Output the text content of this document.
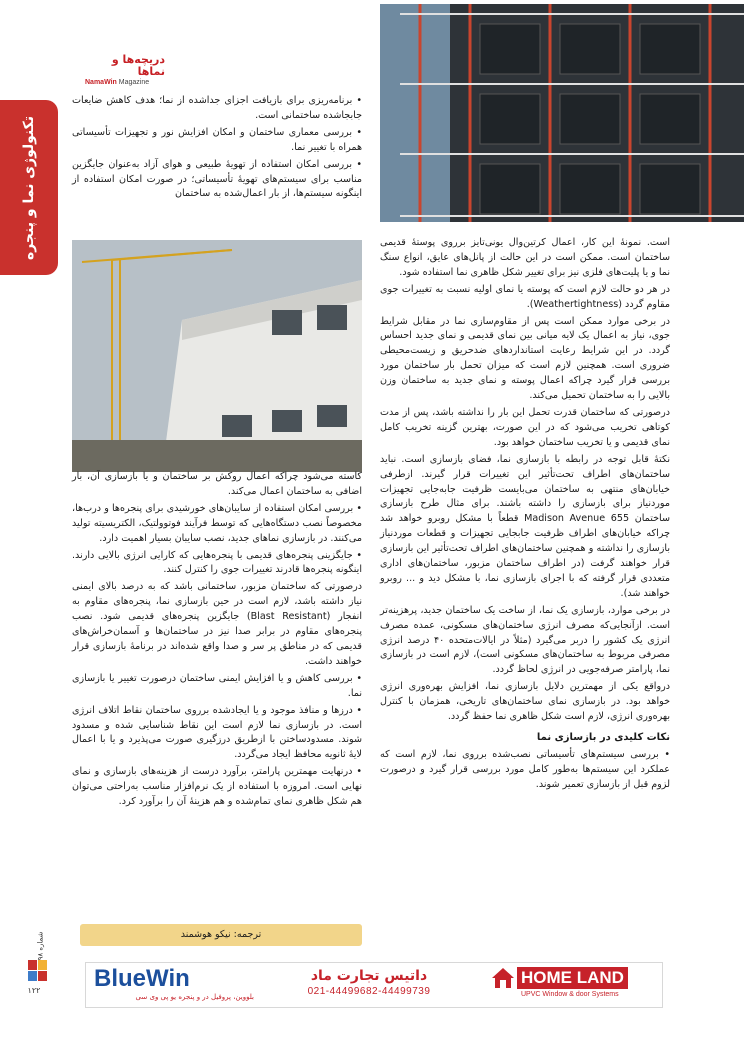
دریچه‌ها و نماها
NamaWin Magazine
تکنولوژی نما و پنجره

• برنامه‌ریزی برای بازیافت اجزای جداشده از نما؛ هدف کاهش ضایعات جابجاشده ساختمانی است.

• بررسی معماری ساختمان و امکان افزایش نور و تجهیزات تأسیساتی همراه با تغییر نما.

• بررسی امکان استفاده از تهویهٔ طبیعی و هوای آزاد به‌عنوان جایگزین مناسب برای سیستم‌های تهویهٔ تأسیساتی؛ در صورت امکان استفاده از اینگونه سیستم‌ها، از بار اعمال‌شده به ساختمان

کاسته می‌شود چراکه اعمال روکش بر ساختمان و یا بازسازی آن، بار اضافی به ساختمان اعمال می‌کند.

• بررسی امکان استفاده از سایبان‌های خورشیدی برای پنجره‌ها و درب‌ها، مخصوصاً نصب دستگاه‌هایی که توسط فرآیند فوتوولتیک، الکتریسیته تولید می‌کنند. در بازسازی نماهای جدید، نصب سایبان بسیار اهمیت دارد.

• جایگزینی پنجره‌های قدیمی با پنجره‌هایی که کارایی انرژی بالایی دارند. اینگونه پنجره‌ها قادرند تغییرات جوی را کنترل کنند.

درصورتی که ساختمان مزبور، ساختمانی باشد که به درصد بالای ایمنی نیاز داشته باشد، لازم است در حین بازسازی نما، پنجره‌های مقاوم به انفجار (Blast Resistant) جایگزین پنجره‌های قدیمی شود. نصب پنجره‌های مقاوم در برابر صدا نیز در ساختمان‌ها و آسمان‌خراش‌های قدیمی که در مناطق پر سر و صدا واقع شده‌اند در برنامهٔ بازسازی قرار خواهند داشت.

• بررسی کاهش و یا افزایش ایمنی ساختمان درصورت تغییر یا بازسازی نما.

• درزها و منافذ موجود و یا ایجادشده برروی ساختمان نقاط اتلاف انرژی است. در بازسازی نما لازم است این نقاط شناسایی شده و مسدود شوند. مسدودساختن با ازطریق درزگیری صورت می‌پذیرد و یا با اعمال لایهٔ ثانویه محافظ ایجاد می‌گردد.

• درنهایت مهمترین پارامتر، برآورد درست از هزینه‌های بازسازی و نمای نهایی است. امروزه با استفاده از یک نرم‌افزار مناسب به‌راحتی می‌توان هم شکل ظاهری نمای تمام‌شده و هم هزینهٔ آن را برآورد کرد.

ترجمه: نیکو هوشمند

است. نمونهٔ این کار، اعمال کرتین‌وال یونی‌تایز برروی پوستهٔ قدیمی ساختمان است. ممکن است در این حالت از پانل‌های عایق، انواع سنگ نما و یا پلیت‌های فلزی نیز برای تغییر شکل ظاهری نما استفاده شود.

در هر دو حالت لازم است که پوسته یا نمای اولیه نسبت به تغییرات جوی مقاوم گردد (Weathertightness).

در برخی موارد ممکن است پس از مقاوم‌سازی نما در مقابل شرایط جوی، نیاز به اعمال یک لایه میانی بین نمای قدیمی و نمای جدید احساس گردد. در این شرایط رعایت استانداردهای ضدحریق و زیست‌محیطی ضروری است. همچنین لازم است که میزان تحمل بار ساختمان مورد بررسی قرار گیرد چراکه اعمال پوسته و نمای جدید به ساختمان وزن بالایی را به ساختمان تحمیل می‌کند.

درصورتی که ساختمان قدرت تحمل این بار را نداشته باشد، پس از مدت کوتاهی تخریب می‌شود که در این صورت، بهترین گزینه تخریب کامل نمای قدیمی و یا تخریب ساختمان خواهد بود.

نکتهٔ قابل توجه در رابطه با بازسازی نما، فضای بازسازی است. نباید ساختمان‌های اطراف تحت‌تأثیر این تغییرات قرار گیرند. ازطرفی خیابان‌های منتهی به ساختمان می‌بایست ظرفیت جابه‌جایی تجهیزات موردنیاز برای بازسازی را داشته باشند. برای مثال طرح بازسازی ساختمان Madison Avenue 655 قطعاً با مشکل روبرو خواهد شد چراکه خیابان‌های اطراف ظرفیت جابجایی تجهیزات و قطعات موردنیاز بازسازی را نداشته و همچنین ساختمان‌های اطراف تحت‌تأثیر این بازسازی قرار خواهند گرفت (در اطراف ساختمان مزبور، ساختمان‌های اداری متعددی قرار گرفته که با اجرای بازسازی نما، با مشکل دید و ... روبرو خواهند شد).

در برخی موارد، بازسازی یک نما، از ساخت یک ساختمان جدید، پرهزینه‌تر است. ازآنجایی‌که مصرف انرژی ساختمان‌های مسکونی، عمده مصرف انرژی یک کشور را دربر می‌گیرد (مثلاً در ایالات‌متحده ۴۰ درصد انرژی مصرفی مربوط به ساختمان‌های مسکونی است)، لازم است در بازسازی نما، پارامتر صرفه‌جویی در انرژی لحاظ گردد.

درواقع یکی از مهمترین دلایل بازسازی نما، افزایش بهره‌وری انرژی خواهد بود. در بازسازی نمای ساختمان‌های تاریخی، همزمان با کنترل بهره‌وری انرژی، لازم است شکل ظاهری نما حفظ گردد.

نکات کلیدی در بازسازی نما

• بررسی سیستم‌های تأسیساتی نصب‌شده برروی نما، لازم است که عملکرد این سیستم‌ها به‌طور کامل مورد بررسی قرار گیرد و درصورت لزوم قبل از بازسازی تعمیر شوند.

شماره ۹۸
۱۲۲ BlueWin
بلووین، پروفیل در و پنجره یو پی وی سی
داتیس تجارت ماد
021-44499682-44499739
HOME LAND
UPVC Window & door Systems
